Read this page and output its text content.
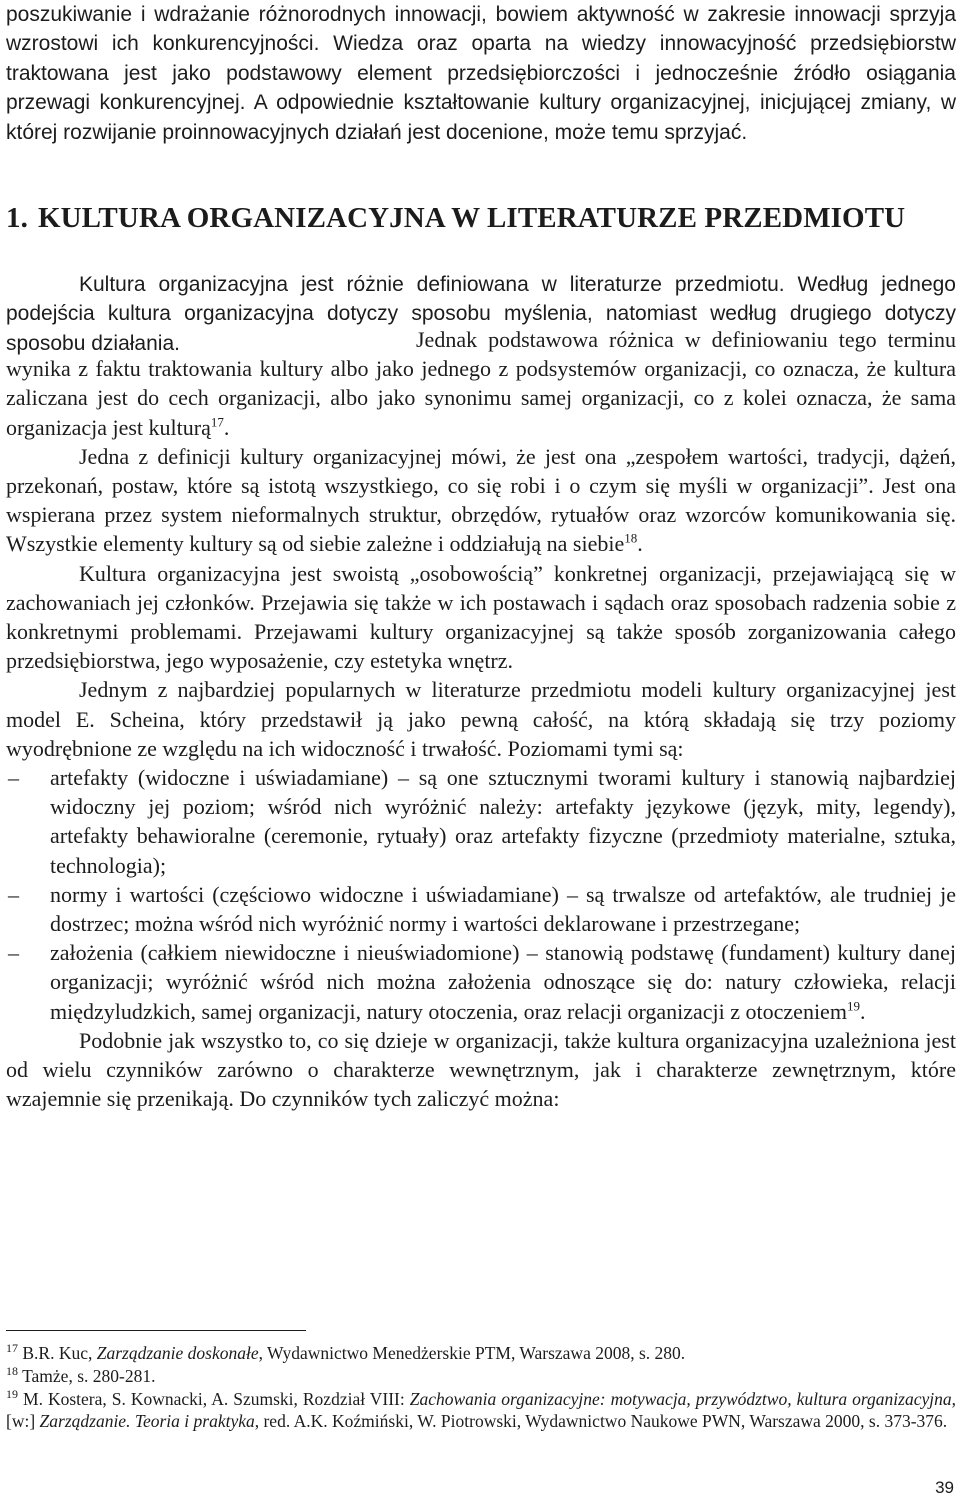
poszukiwanie i wdrażanie różnorodnych innowacji, bowiem aktywność w zakresie innowacji sprzyja wzrostowi ich konkurencyjności. Wiedza oraz oparta na wiedzy innowacyjność przedsiębiorstw traktowana jest jako podstawowy element przedsiębiorczości i jednocześnie źródło osiągania przewagi konkurencyjnej. A odpowiednie kształtowanie kultury organizacyjnej, inicjującej zmiany, w której rozwijanie proinnowacyjnych działań jest docenione, może temu sprzyjać.

1. KULTURA ORGANIZACYJNA W LITERATURZE PRZEDMIOTU

Kultura organizacyjna jest różnie definiowana w literaturze przedmiotu. Według jednego podejścia kultura organizacyjna dotyczy sposobu myślenia, natomiast według drugiego dotyczy sposobu działania.	Jednak podstawowa różnica w definiowaniu tego terminu wynika z faktu traktowania kultury albo jako jednego z podsystemów organizacji, co oznacza, że kultura zaliczana jest do cech organizacji, albo jako synonimu samej organizacji, co z kolei oznacza, że sama organizacja jest kulturą$^{17}$.

Jedna z definicji kultury organizacyjnej mówi, że jest ona „zespołem wartości, tradycji, dążeń, przekonań, postaw, które są istotą wszystkiego, co się robi i o czym się myśli w organizacji”. Jest ona wspierana przez system nieformalnych struktur, obrzędów, rytuałów oraz wzorców komunikowania się. Wszystkie elementy kultury są od siebie zależne i oddziałują na siebie$^{18}$.

Kultura organizacyjna jest swoistą „osobowością” konkretnej organizacji, przejawiającą się w zachowaniach jej członków. Przejawia się także w ich postawach i sądach oraz sposobach radzenia sobie z konkretnymi problemami. Przejawami kultury organizacyjnej są także sposób zorganizowania całego przedsiębiorstwa, jego wyposażenie, czy estetyka wnętrz.

Jednym z najbardziej popularnych w literaturze przedmiotu modeli kultury organizacyjnej jest model E. Scheina, który przedstawił ją jako pewną całość, na którą składają się trzy poziomy wyodrębnione ze względu na ich widoczność i trwałość. Poziomami tymi są:

– artefakty (widoczne i uświadamiane) – są one sztucznymi tworami kultury i stanowią najbardziej widoczny jej poziom; wśród nich wyróżnić należy: artefakty językowe (język, mity, legendy), artefakty behawioralne (ceremonie, rytuały) oraz artefakty fizyczne (przedmioty materialne, sztuka, technologia);
– normy i wartości (częściowo widoczne i uświadamiane) – są trwalsze od artefaktów, ale trudniej je dostrzec; można wśród nich wyróżnić normy i wartości deklarowane i przestrzegane;
– założenia (całkiem niewidoczne i nieuświadomione) – stanowią podstawę (fundament) kultury danej organizacji; wyróżnić wśród nich można założenia odnoszące się do: natury człowieka, relacji międzyludzkich, samej organizacji, natury otoczenia, oraz relacji organizacji z otoczeniem$^{19}$.

Podobnie jak wszystko to, co się dzieje w organizacji, także kultura organizacyjna uzależniona jest od wielu czynników zarówno o charakterze wewnętrznym, jak i charakterze zewnętrznym, które wzajemnie się przenikają. Do czynników tych zaliczyć można:

$^{17}$ B.R. Kuc, Zarządzanie doskonałe, Wydawnictwo Menedżerskie PTM, Warszawa 2008, s. 280.

$^{18}$ Tamże, s. 280-281.

$^{19}$ M. Kostera, S. Kownacki, A. Szumski, Rozdział VIII: Zachowania organizacyjne: motywacja, przywództwo, kultura organizacyjna, [w:] Zarządzanie. Teoria i praktyka, red. A.K. Koźmiński, W. Piotrowski, Wydawnictwo Naukowe PWN, Warszawa 2000, s. 373-376.

39
